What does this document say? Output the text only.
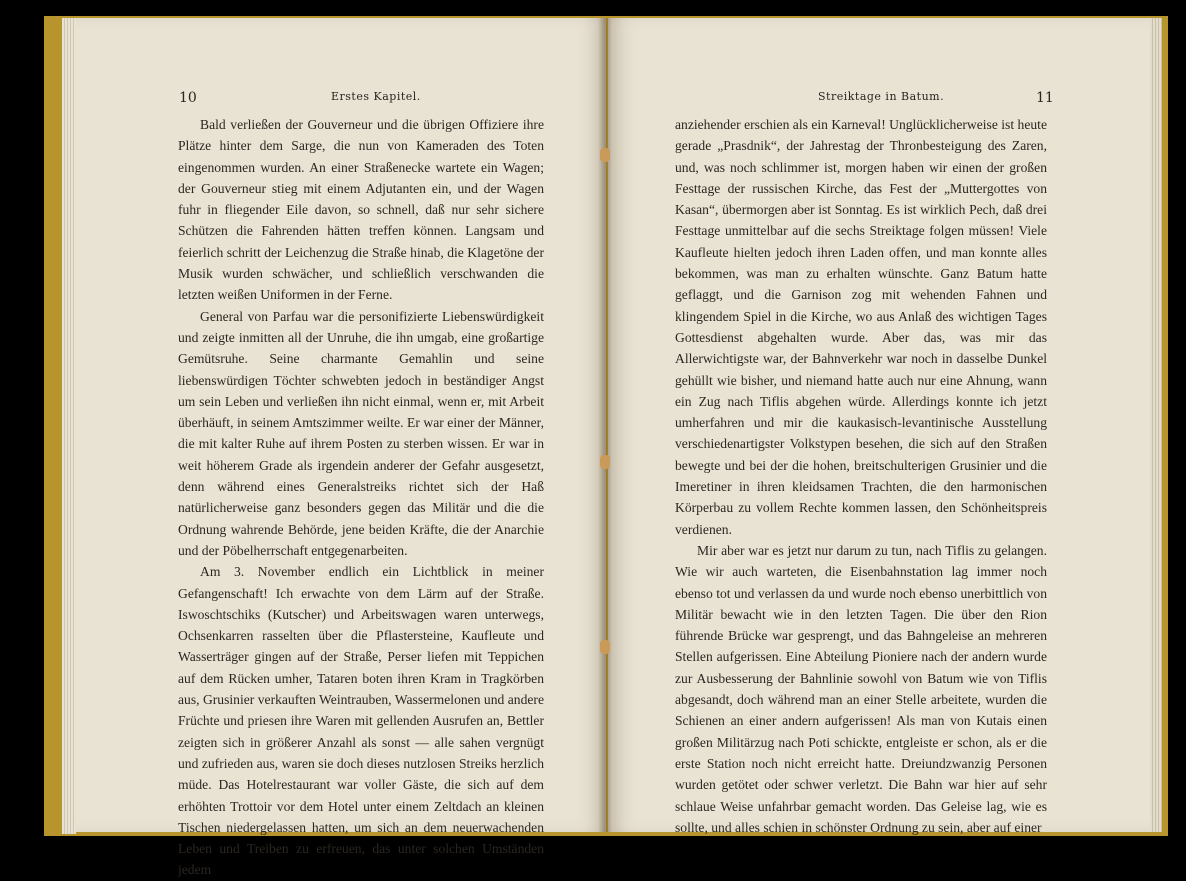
10	Erstes Kapitel.

Bald verließen der Gouverneur und die übrigen Offiziere ihre Plätze hinter dem Sarge, die nun von Kameraden des Toten eingenommen wurden. An einer Straßenecke wartete ein Wagen; der Gouverneur stieg mit einem Adjutanten ein, und der Wagen fuhr in fliegender Eile davon, so schnell, daß nur sehr sichere Schützen die Fahrenden hätten treffen können. Langsam und feierlich schritt der Leichenzug die Straße hinab, die Klagetöne der Musik wurden schwächer, und schließlich verschwanden die letzten weißen Uniformen in der Ferne.

General von Parfau war die personifizierte Liebenswürdigkeit und zeigte inmitten all der Unruhe, die ihn umgab, eine großartige Gemütsruhe. Seine charmante Gemahlin und seine liebenswürdigen Töchter schwebten jedoch in beständiger Angst um sein Leben und verließen ihn nicht einmal, wenn er, mit Arbeit überhäuft, in seinem Amtszimmer weilte. Er war einer der Männer, die mit kalter Ruhe auf ihrem Posten zu sterben wissen. Er war in weit höherem Grade als irgendein anderer der Gefahr ausgesetzt, denn während eines Generalstreiks richtet sich der Haß natürlicherweise ganz besonders gegen das Militär und die die Ordnung wahrende Behörde, jene beiden Kräfte, die der Anarchie und der Pöbelherrschaft entgegenarbeiten.

Am 3. November endlich ein Lichtblick in meiner Gefangenschaft! Ich erwachte von dem Lärm auf der Straße. Iswoschtschiks (Kutscher) und Arbeitswagen waren unterwegs, Ochsenkarren rasselten über die Pflastersteine, Kaufleute und Wasserträger gingen auf der Straße, Perser liefen mit Teppichen auf dem Rücken umher, Tataren boten ihren Kram in Tragkörben aus, Grusinier verkauften Weintrauben, Wassermelonen und andere Früchte und priesen ihre Waren mit gellenden Ausrufen an, Bettler zeigten sich in größerer Anzahl als sonst — alle sahen vergnügt und zufrieden aus, waren sie doch dieses nutzlosen Streiks herzlich müde. Das Hotelrestaurant war voller Gäste, die sich auf dem erhöhten Trottoir vor dem Hotel unter einem Zeltdach an kleinen Tischen niedergelassen hatten, um sich an dem neuerwachenden Leben und Treiben zu erfreuen, das unter solchen Umständen jedem

Streiktage in Batum.	11

anziehender erschien als ein Karneval! Unglücklicherweise ist heute gerade „Prasdnik“, der Jahrestag der Thronbesteigung des Zaren, und, was noch schlimmer ist, morgen haben wir einen der großen Festtage der russischen Kirche, das Fest der „Muttergottes von Kasan“, übermorgen aber ist Sonntag. Es ist wirklich Pech, daß drei Festtage unmittelbar auf die sechs Streiktage folgen müssen! Viele Kaufleute hielten jedoch ihren Laden offen, und man konnte alles bekommen, was man zu erhalten wünschte. Ganz Batum hatte geflaggt, und die Garnison zog mit wehenden Fahnen und klingendem Spiel in die Kirche, wo aus Anlaß des wichtigen Tages Gottesdienst abgehalten wurde. Aber das, was mir das Allerwichtigste war, der Bahnverkehr war noch in dasselbe Dunkel gehüllt wie bisher, und niemand hatte auch nur eine Ahnung, wann ein Zug nach Tiflis abgehen würde. Allerdings konnte ich jetzt umherfahren und mir die kaukasisch-levantinische Ausstellung verschiedenartigster Volkstypen besehen, die sich auf den Straßen bewegte und bei der die hohen, breitschulterigen Grusinier und die Imeretiner in ihren kleidsamen Trachten, die den harmonischen Körperbau zu vollem Rechte kommen lassen, den Schönheitspreis verdienen.

Mir aber war es jetzt nur darum zu tun, nach Tiflis zu gelangen. Wie wir auch warteten, die Eisenbahnstation lag immer noch ebenso tot und verlassen da und wurde noch ebenso unerbittlich von Militär bewacht wie in den letzten Tagen. Die über den Rion führende Brücke war gesprengt, und das Bahngeleise an mehreren Stellen aufgerissen. Eine Abteilung Pioniere nach der andern wurde zur Ausbesserung der Bahnlinie sowohl von Batum wie von Tiflis abgesandt, doch während man an einer Stelle arbeitete, wurden die Schienen an einer andern aufgerissen! Als man von Kutais einen großen Militärzug nach Poti schickte, entgleiste er schon, als er die erste Station noch nicht erreicht hatte. Dreiundzwanzig Personen wurden getötet oder schwer verletzt. Die Bahn war hier auf sehr schlaue Weise unfahrbar gemacht worden. Das Geleise lag, wie es sollte, und alles schien in schönster Ordnung zu sein, aber auf einer
